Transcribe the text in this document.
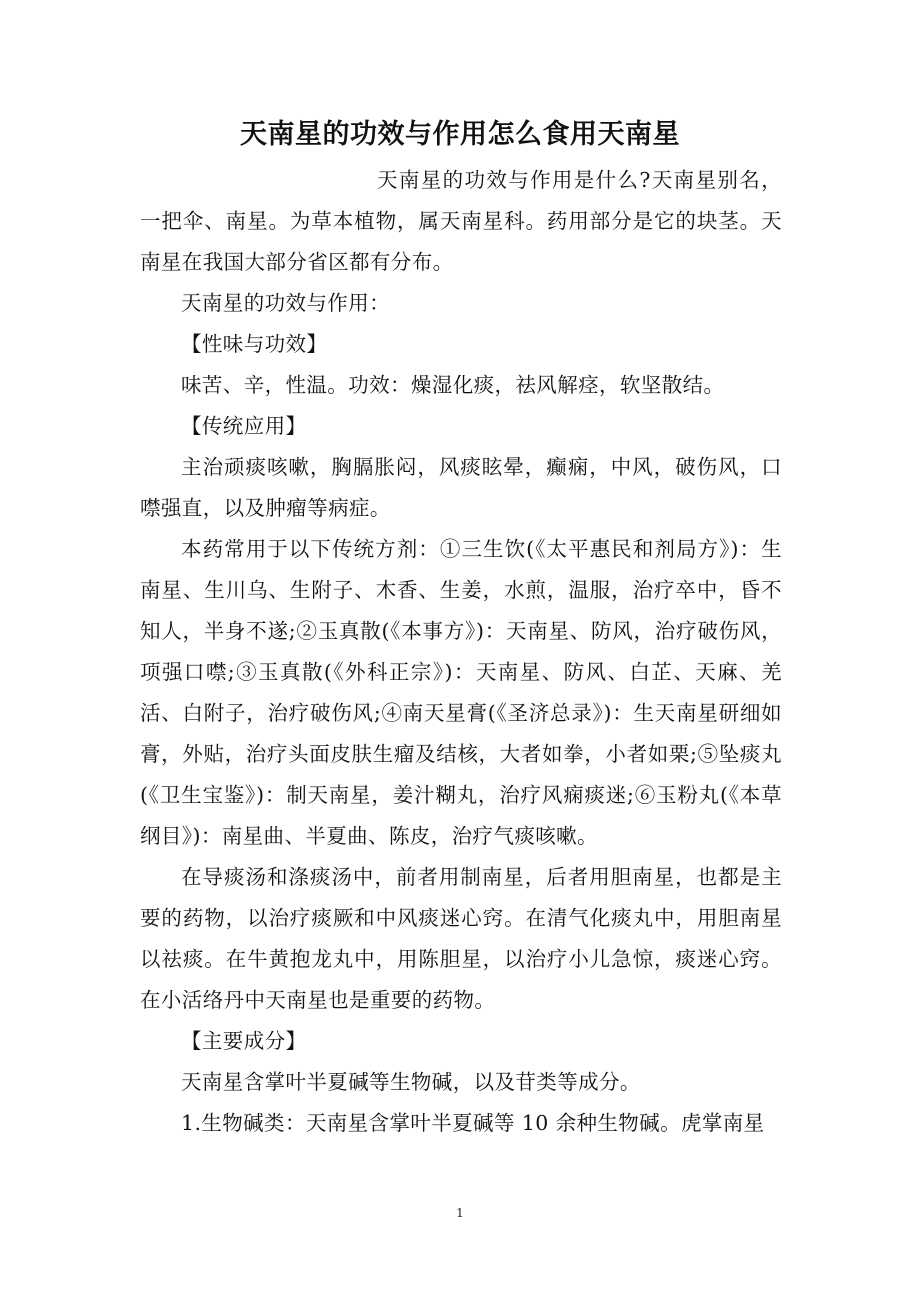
天南星的功效与作用怎么食用天南星

天南星的功效与作用是什么?天南星别名，一把伞、南星。为草本植物，属天南星科。药用部分是它的块茎。天南星在我国大部分省区都有分布。

天南星的功效与作用：

【性味与功效】

味苦、辛，性温。功效：燥湿化痰，祛风解痉，软坚散结。

【传统应用】

主治顽痰咳嗽，胸膈胀闷，风痰眩晕，癫痫，中风，破伤风，口噤强直，以及肿瘤等病症。

本药常用于以下传统方剂：①三生饮(《太平惠民和剂局方》)：生南星、生川乌、生附子、木香、生姜，水煎，温服，治疗卒中，昏不知人，半身不遂;②玉真散(《本事方》)：天南星、防风，治疗破伤风，项强口噤;③玉真散(《外科正宗》)：天南星、防风、白芷、天麻、羌活、白附子，治疗破伤风;④南天星膏(《圣济总录》)：生天南星研细如膏，外贴，治疗头面皮肤生瘤及结核，大者如拳，小者如栗;⑤坠痰丸(《卫生宝鉴》)：制天南星，姜汁糊丸，治疗风痫痰迷;⑥玉粉丸(《本草纲目》)：南星曲、半夏曲、陈皮，治疗气痰咳嗽。

在导痰汤和涤痰汤中，前者用制南星，后者用胆南星，也都是主要的药物，以治疗痰厥和中风痰迷心窍。在清气化痰丸中，用胆南星以祛痰。在牛黄抱龙丸中，用陈胆星，以治疗小儿急惊，痰迷心窍。在小活络丹中天南星也是重要的药物。

【主要成分】

天南星含掌叶半夏碱等生物碱，以及苷类等成分。

1.生物碱类：天南星含掌叶半夏碱等 10 余种生物碱。虎掌南星

1
